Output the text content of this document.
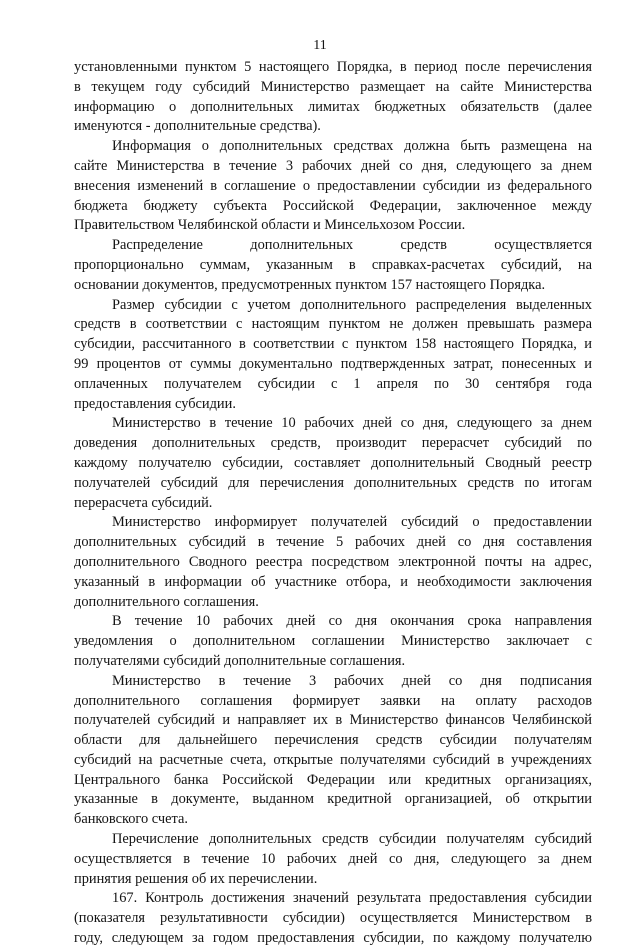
11
установленными пунктом 5 настоящего Порядка, в период после перечисления
в текущем году субсидий Министерство размещает на сайте Министерства
информацию о дополнительных лимитах бюджетных обязательств (далее
именуются - дополнительные средства).
Информация о дополнительных средствах должна быть размещена на
сайте Министерства в течение 3 рабочих дней со дня, следующего за днем
внесения изменений в соглашение о предоставлении субсидии из федерального
бюджета бюджету субъекта Российской Федерации, заключенное между
Правительством Челябинской области и Минсельхозом России.
Распределение дополнительных средств осуществляется
пропорционально суммам, указанным в справках-расчетах субсидий, на
основании документов, предусмотренных пунктом 157 настоящего Порядка.
Размер субсидии с учетом дополнительного распределения выделенных
средств в соответствии с настоящим пунктом не должен превышать размера
субсидии, рассчитанного в соответствии с пунктом 158 настоящего Порядка, и
99 процентов от суммы документально подтвержденных затрат, понесенных и
оплаченных получателем субсидии с 1 апреля по 30 сентября года
предоставления субсидии.
Министерство в течение 10 рабочих дней со дня, следующего за днем
доведения дополнительных средств, производит перерасчет субсидий по
каждому получателю субсидии, составляет дополнительный Сводный реестр
получателей субсидий для перечисления дополнительных средств по итогам
перерасчета субсидий.
Министерство информирует получателей субсидий о предоставлении
дополнительных субсидий в течение 5 рабочих дней со дня составления
дополнительного Сводного реестра посредством электронной почты на адрес,
указанный в информации об участнике отбора, и необходимости заключения
дополнительного соглашения.
В течение 10 рабочих дней со дня окончания срока направления
уведомления о дополнительном соглашении Министерство заключает с
получателями субсидий дополнительные соглашения.
Министерство в течение 3 рабочих дней со дня подписания
дополнительного соглашения формирует заявки на оплату расходов
получателей субсидий и направляет их в Министерство финансов Челябинской
области для дальнейшего перечисления средств субсидии получателям
субсидий на расчетные счета, открытые получателями субсидий в учреждениях
Центрального банка Российской Федерации или кредитных организациях,
указанные в документе, выданном кредитной организацией, об открытии
банковского счета.
Перечисление дополнительных средств субсидии получателям субсидий
осуществляется в течение 10 рабочих дней со дня, следующего за днем
принятия решения об их перечислении.
167. Контроль достижения значений результата предоставления субсидии
(показателя результативности субсидии) осуществляется Министерством в
году, следующем за годом предоставления субсидии, по каждому получателю
